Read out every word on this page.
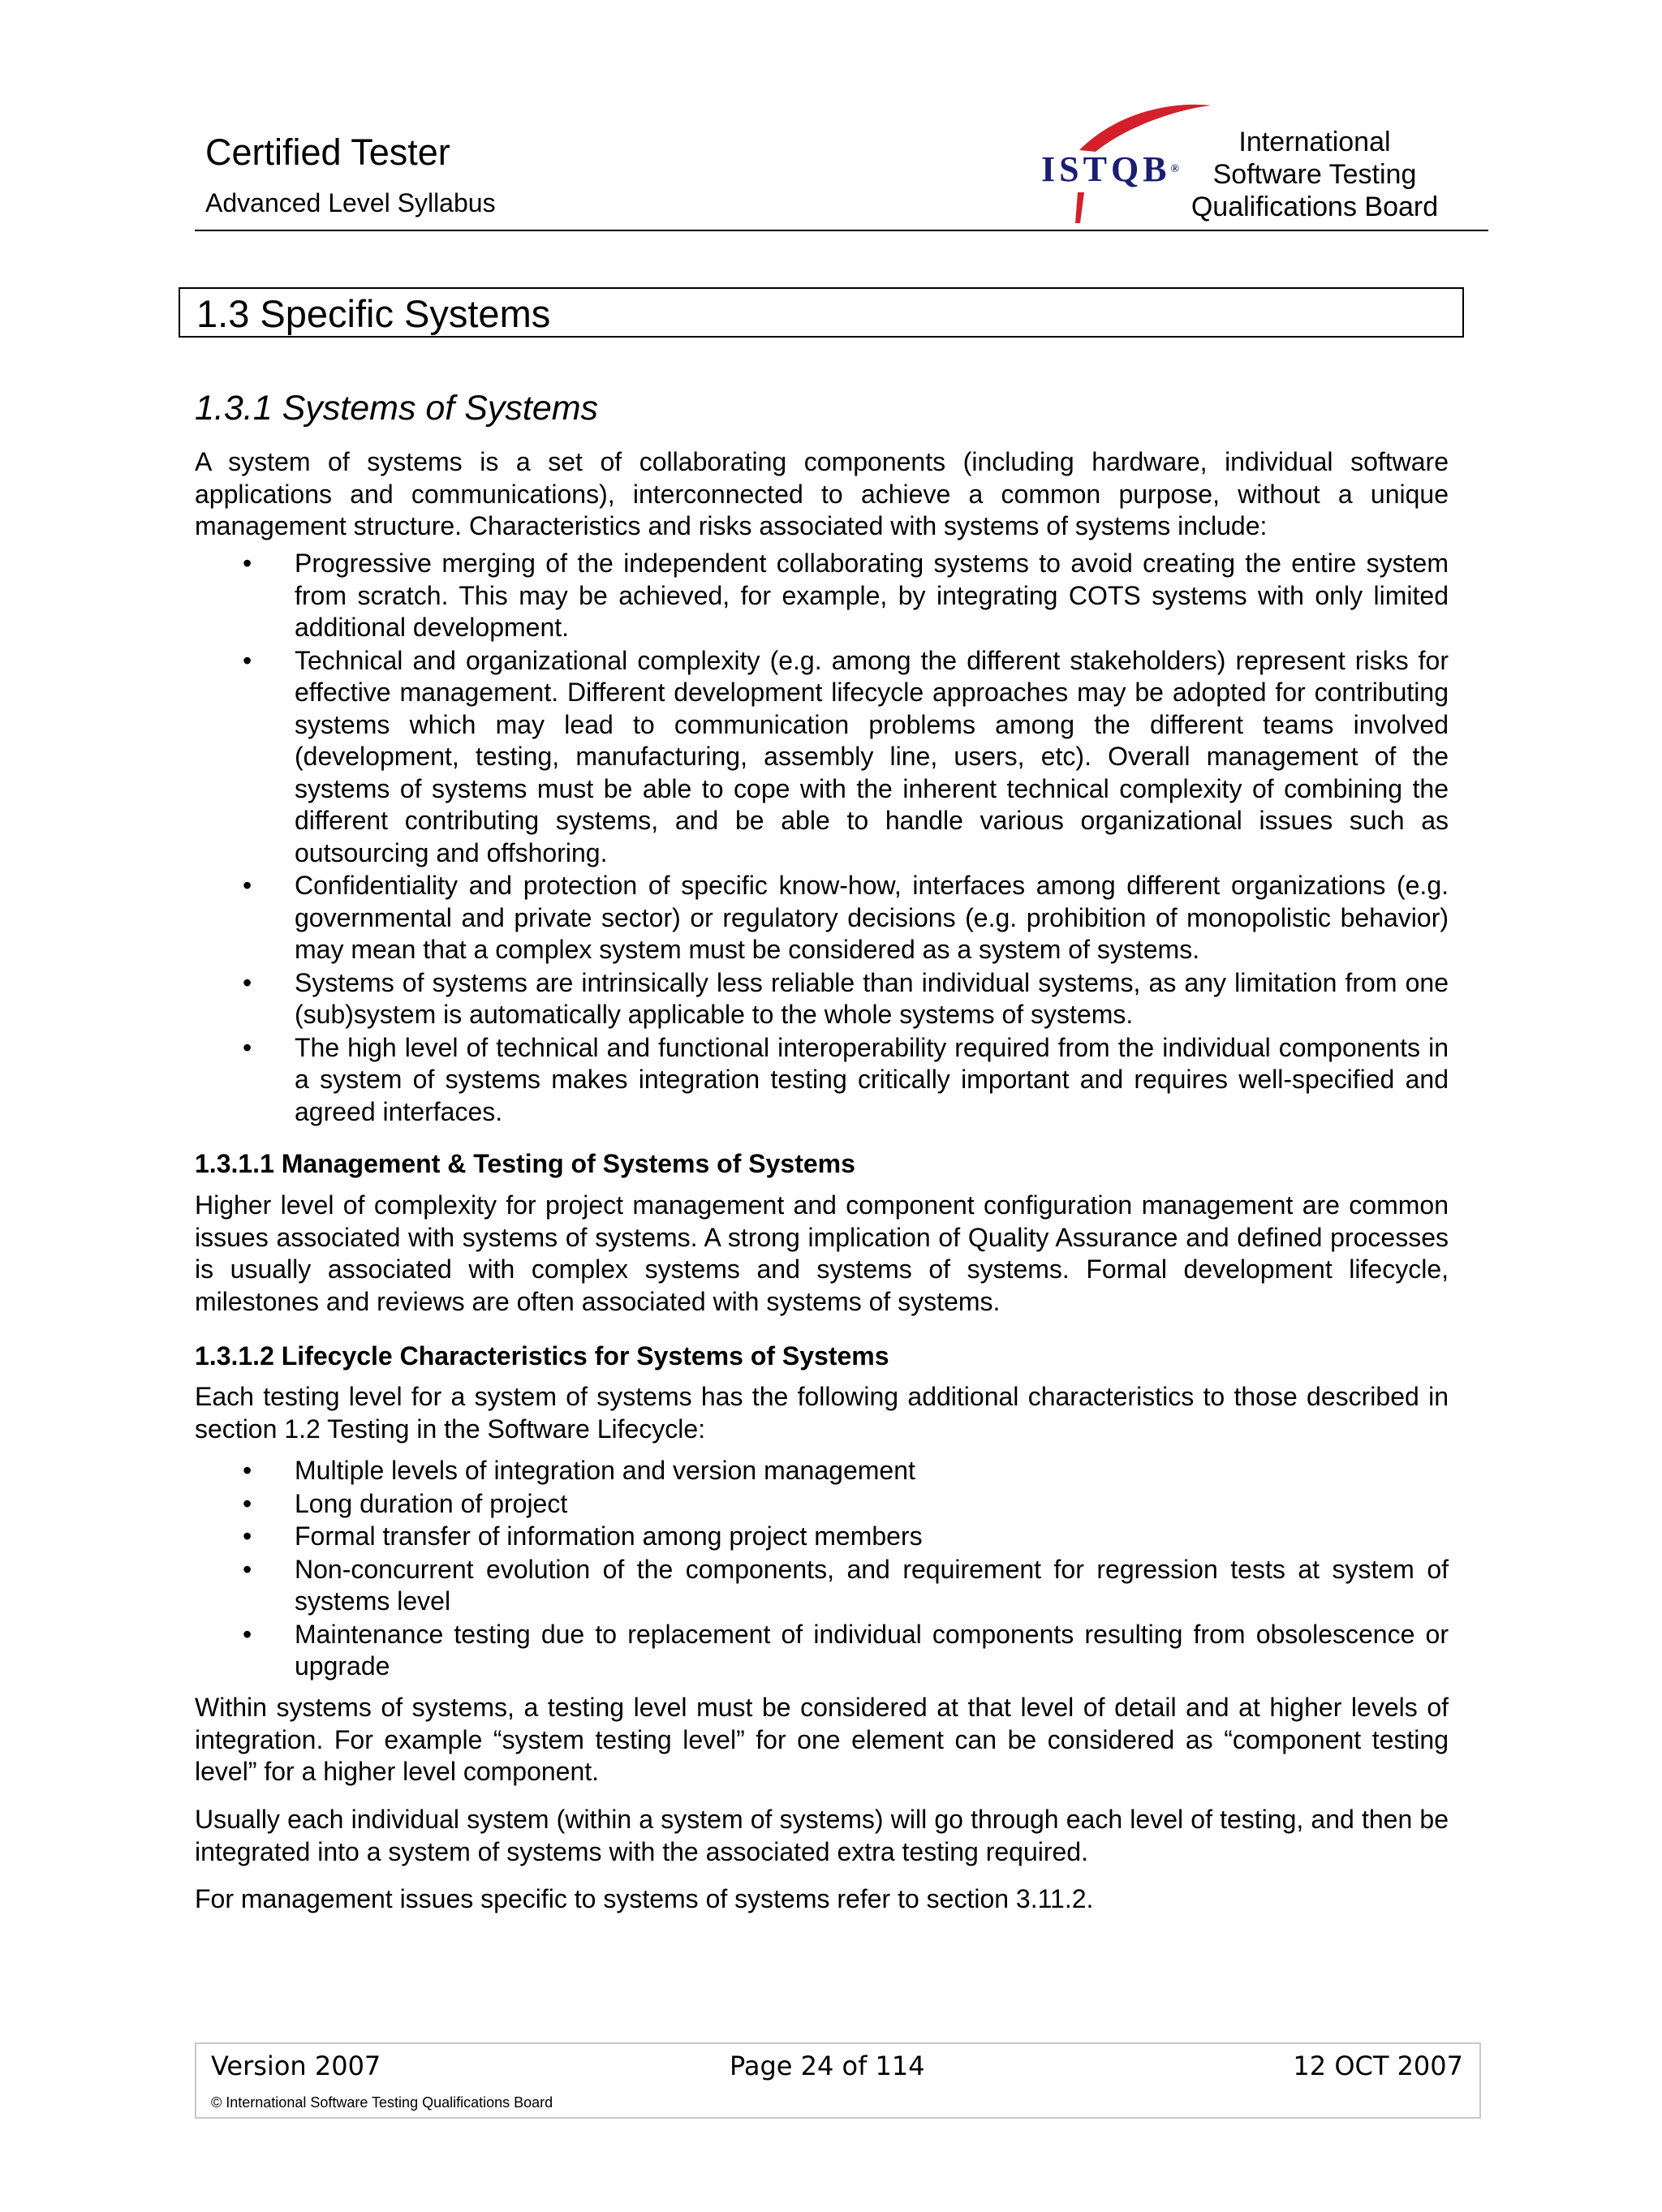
Certified Tester
Advanced Level Syllabus
ISTQB®
International
Software Testing
Qualifications Board
1.3 Specific Systems
1.3.1 Systems of Systems

A system of systems is a set of collaborating components (including hardware, individual software applications and communications), interconnected to achieve a common purpose, without a unique management structure. Characteristics and risks associated with systems of systems include:

• Progressive merging of the independent collaborating systems to avoid creating the entire system from scratch. This may be achieved, for example, by integrating COTS systems with only limited additional development.
• Technical and organizational complexity (e.g. among the different stakeholders) represent risks for effective management. Different development lifecycle approaches may be adopted for contributing systems which may lead to communication problems among the different teams involved (development, testing, manufacturing, assembly line, users, etc). Overall management of the systems of systems must be able to cope with the inherent technical complexity of combining the different contributing systems, and be able to handle various organizational issues such as outsourcing and offshoring.
• Confidentiality and protection of specific know-how, interfaces among different organizations (e.g. governmental and private sector) or regulatory decisions (e.g. prohibition of monopolistic behavior) may mean that a complex system must be considered as a system of systems.
• Systems of systems are intrinsically less reliable than individual systems, as any limitation from one (sub)system is automatically applicable to the whole systems of systems.
• The high level of technical and functional interoperability required from the individual components in a system of systems makes integration testing critically important and requires well-specified and agreed interfaces.
1.3.1.1 Management & Testing of Systems of Systems

Higher level of complexity for project management and component configuration management are common issues associated with systems of systems. A strong implication of Quality Assurance and defined processes is usually associated with complex systems and systems of systems. Formal development lifecycle, milestones and reviews are often associated with systems of systems.

1.3.1.2 Lifecycle Characteristics for Systems of Systems

Each testing level for a system of systems has the following additional characteristics to those described in section 1.2 Testing in the Software Lifecycle:

• Multiple levels of integration and version management
• Long duration of project
• Formal transfer of information among project members
• Non-concurrent evolution of the components, and requirement for regression tests at system of systems level
• Maintenance testing due to replacement of individual components resulting from obsolescence or upgrade

Within systems of systems, a testing level must be considered at that level of detail and at higher levels of integration. For example “system testing level” for one element can be considered as “component testing level” for a higher level component.

Usually each individual system (within a system of systems) will go through each level of testing, and then be integrated into a system of systems with the associated extra testing required.

For management issues specific to systems of systems refer to section 3.11.2.

Version 2007	Page 24 of 114	12 OCT 2007
© International Software Testing Qualifications Board
